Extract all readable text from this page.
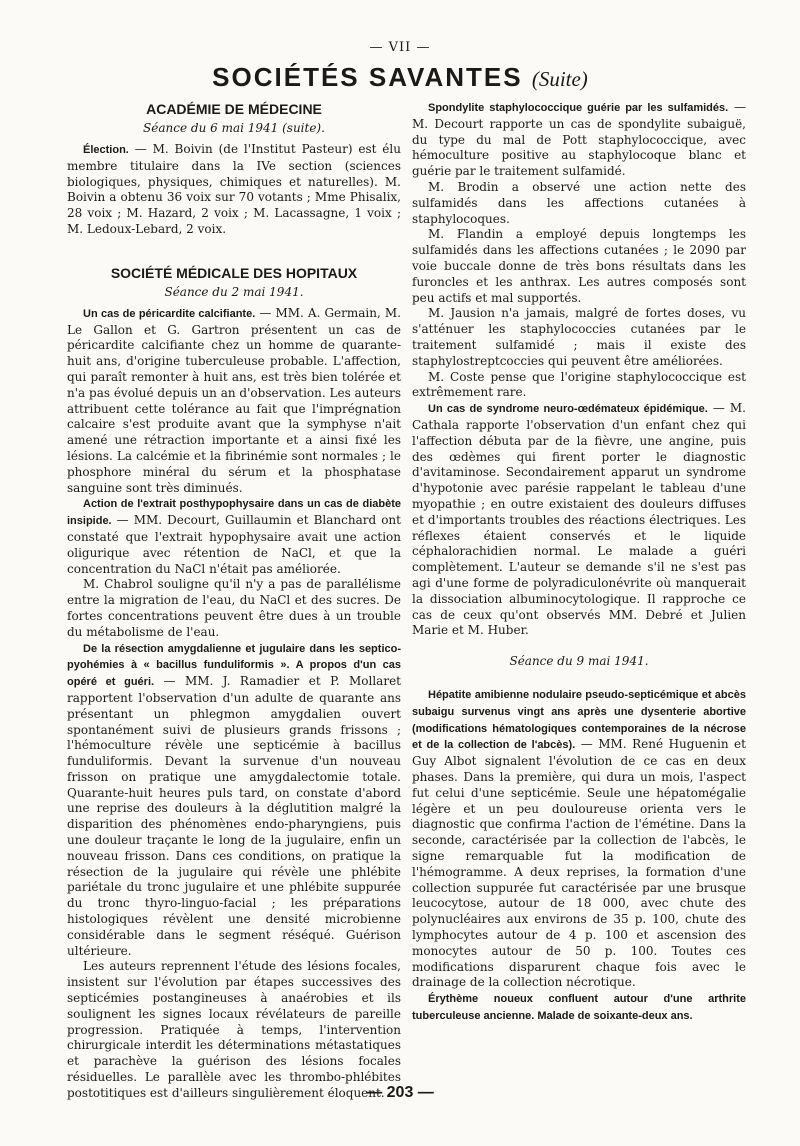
— VII —
SOCIÉTÉS SAVANTES (Suite)
ACADÉMIE DE MÉDECINE
Séance du 6 mai 1941 (suite).

Élection. — M. Boivin (de l'Institut Pasteur) est élu membre titulaire dans la IVe section (sciences biologiques, physiques, chimiques et naturelles). M. Boivin a obtenu 36 voix sur 70 votants ; Mme Phisalix, 28 voix ; M. Hazard, 2 voix ; M. Lacassagne, 1 voix ; M. Ledoux-Lebard, 2 voix.

SOCIÉTÉ MÉDICALE DES HOPITAUX
Séance du 2 mai 1941.

Un cas de péricardite calcifiante. — MM. A. Germain, M. Le Gallon et G. Gartron présentent un cas de péricardite calcifiante chez un homme de quarante-huit ans, d'origine tuberculeuse probable. L'affection, qui paraît remonter à huit ans, est très bien tolérée et n'a pas évolué depuis un an d'observation. Les auteurs attribuent cette tolérance au fait que l'imprégnation calcaire s'est produite avant que la symphyse n'ait amené une rétraction importante et a ainsi fixé les lésions. La calcémie et la fibrinémie sont normales ; le phosphore minéral du sérum et la phosphatase sanguine sont très diminués.

Action de l'extrait posthypophysaire dans un cas de diabète insipide. — MM. Decourt, Guillaumin et Blanchard ont constaté que l'extrait hypophysaire avait une action oligurique avec rétention de NaCl, et que la concentration du NaCl n'était pas améliorée.

M. Chabrol souligne qu'il n'y a pas de parallélisme entre la migration de l'eau, du NaCl et des sucres. De fortes concentrations peuvent être dues à un trouble du métabolisme de l'eau.

De la résection amygdalienne et jugulaire dans les septico-pyohémies à « bacillus funduliformis ». A propos d'un cas opéré et guéri. — MM. J. Ramadier et P. Mollaret rapportent l'observation d'un adulte de quarante ans présentant un phlegmon amygdalien ouvert spontanément suivi de plusieurs grands frissons ; l'hémoculture révèle une septicémie à bacillus funduliformis. Devant la survenue d'un nouveau frisson on pratique une amygdalectomie totale. Quarante-huit heures puls tard, on constate d'abord une reprise des douleurs à la déglutition malgré la disparition des phénomènes endo-pharyngiens, puis une douleur traçante le long de la jugulaire, enfin un nouveau frisson. Dans ces conditions, on pratique la résection de la jugulaire qui révèle une phlébite pariétale du tronc jugulaire et une phlébite suppurée du tronc thyro-linguo-facial ; les préparations histologiques révèlent une densité microbienne considérable dans le segment réséqué. Guérison ultérieure.

Les auteurs reprennent l'étude des lésions focales, insistent sur l'évolution par étapes successives des septicémies postangineuses à anaérobies et ils soulignent les signes locaux révélateurs de pareille progression. Pratiquée à temps, l'intervention chirurgicale interdit les déterminations métastatiques et parachève la guérison des lésions focales résiduelles. Le parallèle avec les thrombo-phlébites postotitiques est d'ailleurs singulièrement éloquent.

Spondylite staphylococcique guérie par les sulfamidés. — M. Decourt rapporte un cas de spondylite subaiguë, du type du mal de Pott staphylococcique, avec hémoculture positive au staphylocoque blanc et guérie par le traitement sulfamidé.

M. Brodin a observé une action nette des sulfamidés dans les affections cutanées à staphylocoques.

M. Flandin a employé depuis longtemps les sulfamidés dans les affections cutanées ; le 2090 par voie buccale donne de très bons résultats dans les furoncles et les anthrax. Les autres composés sont peu actifs et mal supportés.

M. Jausion n'a jamais, malgré de fortes doses, vu s'atténuer les staphylococcies cutanées par le traitement sulfamidé ; mais il existe des staphylostreptcoccies qui peuvent être améliorées.

M. Coste pense que l'origine staphylococcique est extrêmement rare.

Un cas de syndrome neuro-œdémateux épidémique. — M. Cathala rapporte l'observation d'un enfant chez qui l'affection débuta par de la fièvre, une angine, puis des œdèmes qui firent porter le diagnostic d'avitaminose. Secondairement apparut un syndrome d'hypotonie avec parésie rappelant le tableau d'une myopathie ; en outre existaient des douleurs diffuses et d'importants troubles des réactions électriques. Les réflexes étaient conservés et le liquide céphalorachidien normal. Le malade a guéri complètement. L'auteur se demande s'il ne s'est pas agi d'une forme de polyradiculonévrite où manquerait la dissociation albuminocytologique. Il rapproche ce cas de ceux qu'ont observés MM. Debré et Julien Marie et M. Huber.

Séance du 9 mai 1941.

Hépatite amibienne nodulaire pseudo-septicémique et abcès subaigu survenus vingt ans après une dysenterie abortive (modifications hématologiques contemporaines de la nécrose et de la collection de l'abcès). — MM. René Huguenin et Guy Albot signalent l'évolution de ce cas en deux phases. Dans la première, qui dura un mois, l'aspect fut celui d'une septicémie. Seule une hépatomégalie légère et un peu douloureuse orienta vers le diagnostic que confirma l'action de l'émétine. Dans la seconde, caractérisée par la collection de l'abcès, le signe remarquable fut la modification de l'hémogramme. A deux reprises, la formation d'une collection suppurée fut caractérisée par une brusque leucocytose, autour de 18 000, avec chute des polynucléaires aux environs de 35 p. 100, chute des lymphocytes autour de 4 p. 100 et ascension des monocytes autour de 50 p. 100. Toutes ces modifications disparurent chaque fois avec le drainage de la collection nécrotique.

Érythème noueux confluent autour d'une arthrite tuberculeuse ancienne. Malade de soixante-deux ans.

— 203 —
